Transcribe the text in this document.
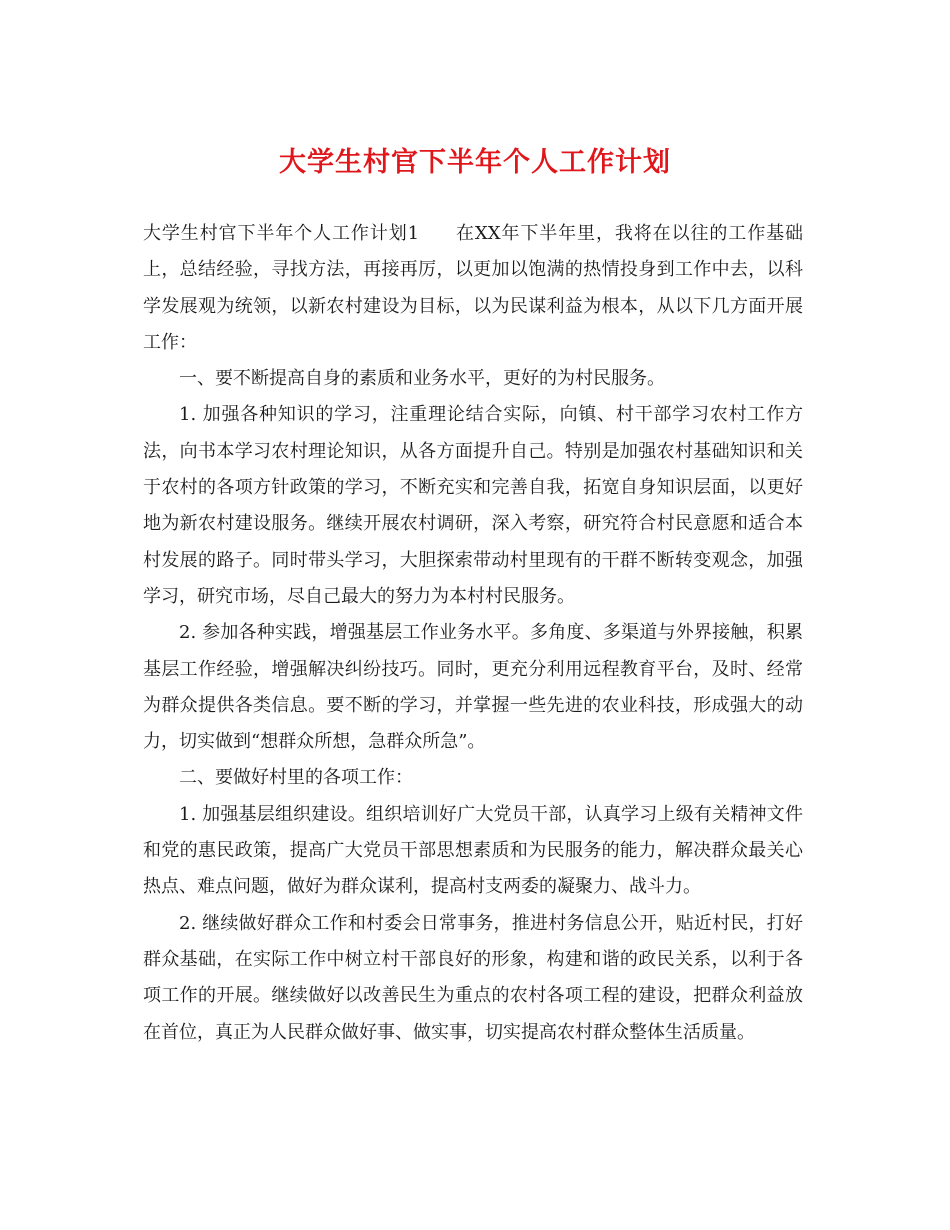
大学生村官下半年个人工作计划

大学生村官下半年个人工作计划1 在XX年下半年里，我将在以往的工作基础上，总结经验，寻找方法，再接再厉，以更加以饱满的热情投身到工作中去，以科学发展观为统领，以新农村建设为目标，以为民谋利益为根本，从以下几方面开展工作：

一、要不断提高自身的素质和业务水平，更好的为村民服务。

1. 加强各种知识的学习，注重理论结合实际，向镇、村干部学习农村工作方法，向书本学习农村理论知识，从各方面提升自己。特别是加强农村基础知识和关于农村的各项方针政策的学习，不断充实和完善自我，拓宽自身知识层面，以更好地为新农村建设服务。继续开展农村调研，深入考察，研究符合村民意愿和适合本村发展的路子。同时带头学习，大胆探索带动村里现有的干群不断转变观念，加强学习，研究市场，尽自己最大的努力为本村村民服务。

2. 参加各种实践，增强基层工作业务水平。多角度、多渠道与外界接触，积累基层工作经验，增强解决纠纷技巧。同时，更充分利用远程教育平台，及时、经常为群众提供各类信息。要不断的学习，并掌握一些先进的农业科技，形成强大的动力，切实做到“想群众所想，急群众所急”。

二、要做好村里的各项工作：

1. 加强基层组织建设。组织培训好广大党员干部，认真学习上级有关精神文件和党的惠民政策，提高广大党员干部思想素质和为民服务的能力，解决群众最关心热点、难点问题，做好为群众谋利，提高村支两委的凝聚力、战斗力。

2. 继续做好群众工作和村委会日常事务，推进村务信息公开，贴近村民，打好群众基础，在实际工作中树立村干部良好的形象，构建和谐的政民关系，以利于各项工作的开展。继续做好以改善民生为重点的农村各项工程的建设，把群众利益放在首位，真正为人民群众做好事、做实事，切实提高农村群众整体生活质量。
